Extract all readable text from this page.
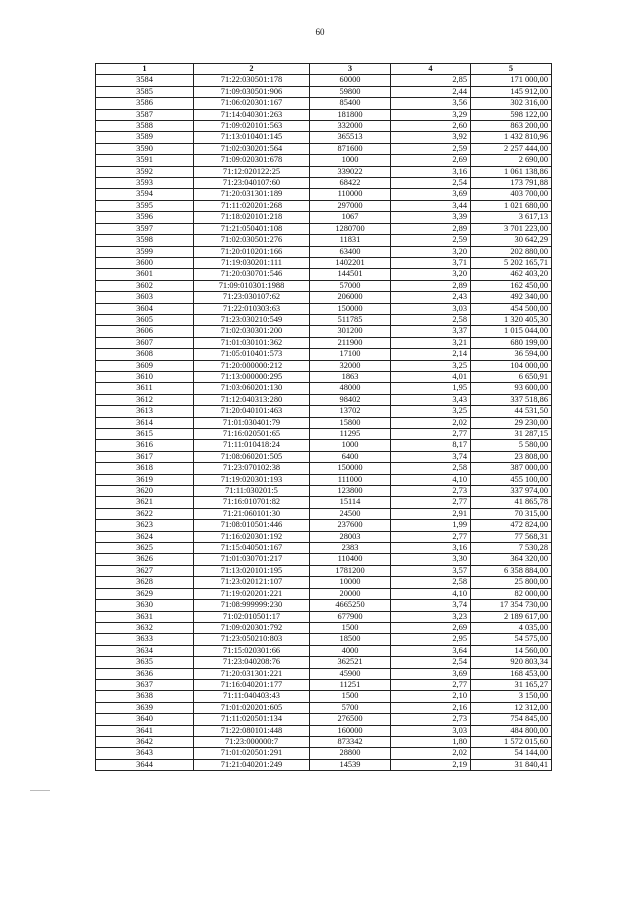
60
1	2	3	4	5
3584	71:22:030501:178	60000	2,85	171 000,00
3585	71:09:030501:906	59800	2,44	145 912,00
3586	71:06:020301:167	85400	3,56	302 316,00
3587	71:14:040301:263	181800	3,29	598 122,00
3588	71:09:020101:563	332000	2,60	863 200,00
3589	71:13:010401:145	365513	3,92	1 432 810,96
3590	71:02:030201:564	871600	2,59	2 257 444,00
3591	71:09:020301:678	1000	2,69	2 690,00
3592	71:12:020122:25	339022	3,16	1 061 138,86
3593	71:23:040107:60	68422	2,54	173 791,88
3594	71:20:031301:189	110000	3,69	403 700,00
3595	71:11:020201:268	297000	3,44	1 021 680,00
3596	71:18:020101:218	1067	3,39	3 617,13
3597	71:21:050401:108	1280700	2,89	3 701 223,00
3598	71:02:030501:276	11831	2,59	30 642,29
3599	71:20:010201:166	63400	3,20	202 880,00
3600	71:19:030201:111	1402201	3,71	5 202 165,71
3601	71:20:030701:546	144501	3,20	462 403,20
3602	71:09:010301:1988	57000	2,89	162 450,00
3603	71:23:030107:62	206000	2,43	492 340,00
3604	71:22:010303:63	150000	3,03	454 500,00
3605	71:23:030210:549	511785	2,58	1 320 405,30
3606	71:02:030301:200	301200	3,37	1 015 044,00
3607	71:01:030101:362	211900	3,21	680 199,00
3608	71:05:010401:573	17100	2,14	36 594,00
3609	71:20:000000:212	32000	3,25	104 000,00
3610	71:13:000000:295	1863	4,01	6 650,91
3611	71:03:060201:130	48000	1,95	93 600,00
3612	71:12:040313:280	98402	3,43	337 518,86
3613	71:20:040101:463	13702	3,25	44 531,50
3614	71:01:030401:79	15800	2,02	29 230,00
3615	71:16:020501:65	11295	2,77	31 287,15
3616	71:11:010418:24	1000	8,17	5 580,00
3617	71:08:060201:505	6400	3,74	23 808,00
3618	71:23:070102:38	150000	2,58	387 000,00
3619	71:19:020301:193	111000	4,10	455 100,00
3620	71:11:030201:5	123800	2,73	337 974,00
3621	71:16:010701:82	15114	2,77	41 865,78
3622	71:21:060101:30	24500	2,91	70 315,00
3623	71:08:010501:446	237600	1,99	472 824,00
3624	71:16:020301:192	28003	2,77	77 568,31
3625	71:15:040501:167	2383	3,16	7 530,28
3626	71:01:030701:217	110400	3,30	364 320,00
3627	71:13:020101:195	1781200	3,57	6 358 884,00
3628	71:23:020121:107	10000	2,58	25 800,00
3629	71:19:020201:221	20000	4,10	82 000,00
3630	71:08:999999:230	4665250	3,74	17 354 730,00
3631	71:02:010501:17	677900	3,23	2 189 617,00
3632	71:09:020301:792	1500	2,69	4 035,00
3633	71:23:050210:803	18500	2,95	54 575,00
3634	71:15:020301:66	4000	3,64	14 560,00
3635	71:23:040208:76	362521	2,54	920 803,34
3636	71:20:031301:221	45900	3,69	168 453,00
3637	71:16:040201:177	11251	2,77	31 165,27
3638	71:11:040403:43	1500	2,10	3 150,00
3639	71:01:020201:605	5700	2,16	12 312,00
3640	71:11:020501:134	276500	2,73	754 845,00
3641	71:22:080101:448	160000	3,03	484 800,00
3642	71:23:000000:7	873342	1,80	1 572 015,60
3643	71:01:020501:291	28800	2,02	54 144,00
3644	71:21:040201:249	14539	2,19	31 840,41
